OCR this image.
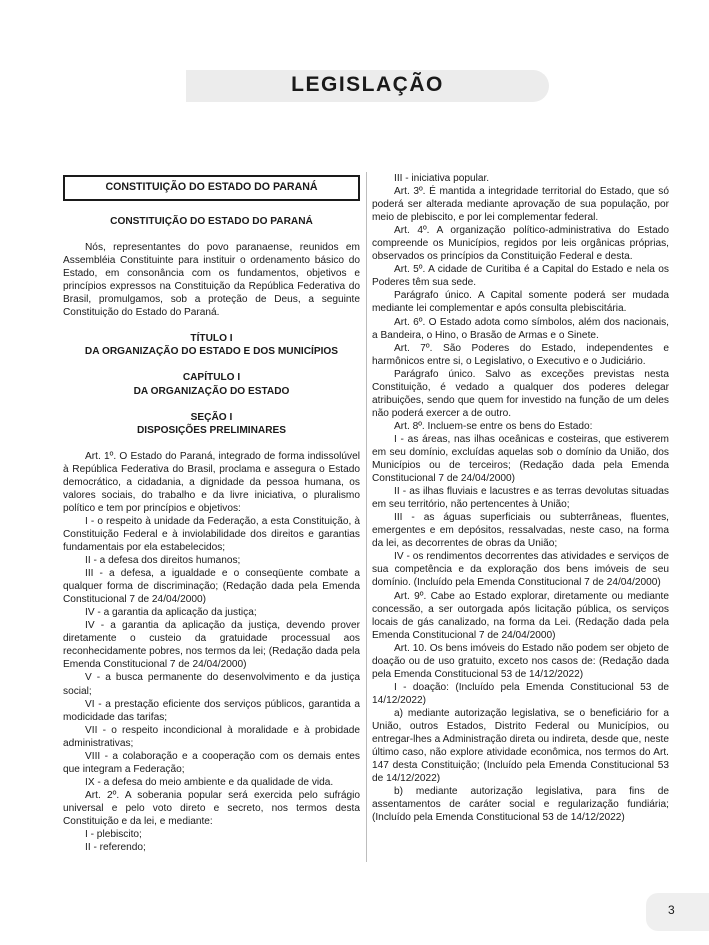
LEGISLAÇÃO
CONSTITUIÇÃO DO ESTADO DO PARANÁ

CONSTITUIÇÃO DO ESTADO DO PARANÁ

Nós, representantes do povo paranaense, reunidos em Assembléia Constituinte para instituir o ordenamento básico do Estado, em consonância com os fundamentos, objetivos e princípios expressos na Constituição da República Federativa do Brasil, promulgamos, sob a proteção de Deus, a seguinte Constituição do Estado do Paraná.

TÍTULO I

DA ORGANIZAÇÃO DO ESTADO E DOS MUNICÍPIOS

CAPÍTULO I

DA ORGANIZAÇÃO DO ESTADO

SEÇÃO I

DISPOSIÇÕES PRELIMINARES

Art. 1º. O Estado do Paraná, integrado de forma indissolúvel à República Federativa do Brasil, proclama e assegura o Estado democrático, a cidadania, a dignidade da pessoa humana, os valores sociais, do trabalho e da livre iniciativa, o pluralismo político e tem por princípios e objetivos:

I - o respeito à unidade da Federação, a esta Constituição, à Constituição Federal e à inviolabilidade dos direitos e garantias fundamentais por ela estabelecidos;

II - a defesa dos direitos humanos;

III - a defesa, a igualdade e o conseqüente combate a qualquer forma de discriminação; (Redação dada pela Emenda Constitucional 7 de 24/04/2000)

IV - a garantia da aplicação da justiça;

IV - a garantia da aplicação da justiça, devendo prover diretamente o custeio da gratuidade processual aos reconhecidamente pobres, nos termos da lei; (Redação dada pela Emenda Constitucional 7 de 24/04/2000)

V - a busca permanente do desenvolvimento e da justiça social;

VI - a prestação eficiente dos serviços públicos, garantida a modicidade das tarifas;

VII - o respeito incondicional à moralidade e à probidade administrativas;

VIII - a colaboração e a cooperação com os demais entes que integram a Federação;

IX - a defesa do meio ambiente e da qualidade de vida.

Art. 2º. A soberania popular será exercida pelo sufrágio universal e pelo voto direto e secreto, nos termos desta Constituição e da lei, e mediante:

I - plebiscito;

II - referendo;

III - iniciativa popular.

Art. 3º. É mantida a integridade territorial do Estado, que só poderá ser alterada mediante aprovação de sua população, por meio de plebiscito, e por lei complementar federal.

Art. 4º. A organização político-administrativa do Estado compreende os Municípios, regidos por leis orgânicas próprias, observados os princípios da Constituição Federal e desta.

Art. 5º. A cidade de Curitiba é a Capital do Estado e nela os Poderes têm sua sede.

Parágrafo único. A Capital somente poderá ser mudada mediante lei complementar e após consulta plebiscitária.

Art. 6º. O Estado adota como símbolos, além dos nacionais, a Bandeira, o Hino, o Brasão de Armas e o Sinete.

Art. 7º. São Poderes do Estado, independentes e harmônicos entre si, o Legislativo, o Executivo e o Judiciário.

Parágrafo único. Salvo as exceções previstas nesta Constituição, é vedado a qualquer dos poderes delegar atribuições, sendo que quem for investido na função de um deles não poderá exercer a de outro.

Art. 8º. Incluem-se entre os bens do Estado:

I - as áreas, nas ilhas oceânicas e costeiras, que estiverem em seu domínio, excluídas aquelas sob o domínio da União, dos Municípios ou de terceiros; (Redação dada pela Emenda Constitucional 7 de 24/04/2000)

II - as ilhas fluviais e lacustres e as terras devolutas situadas em seu território, não pertencentes à União;

III - as águas superficiais ou subterrâneas, fluentes, emergentes e em depósitos, ressalvadas, neste caso, na forma da lei, as decorrentes de obras da União;

IV - os rendimentos decorrentes das atividades e serviços de sua competência e da exploração dos bens imóveis de seu domínio. (Incluído pela Emenda Constitucional 7 de 24/04/2000)

Art. 9º. Cabe ao Estado explorar, diretamente ou mediante concessão, a ser outorgada após licitação pública, os serviços locais de gás canalizado, na forma da Lei. (Redação dada pela Emenda Constitucional 7 de 24/04/2000)

Art. 10. Os bens imóveis do Estado não podem ser objeto de doação ou de uso gratuito, exceto nos casos de: (Redação dada pela Emenda Constitucional 53 de 14/12/2022)

I - doação: (Incluído pela Emenda Constitucional 53 de 14/12/2022)

a) mediante autorização legislativa, se o beneficiário for a União, outros Estados, Distrito Federal ou Municípios, ou entregar-lhes a Administração direta ou indireta, desde que, neste último caso, não explore atividade econômica, nos termos do Art. 147 desta Constituição; (Incluído pela Emenda Constitucional 53 de 14/12/2022)

b) mediante autorização legislativa, para fins de assentamentos de caráter social e regularização fundiária; (Incluído pela Emenda Constitucional 53 de 14/12/2022)

3
